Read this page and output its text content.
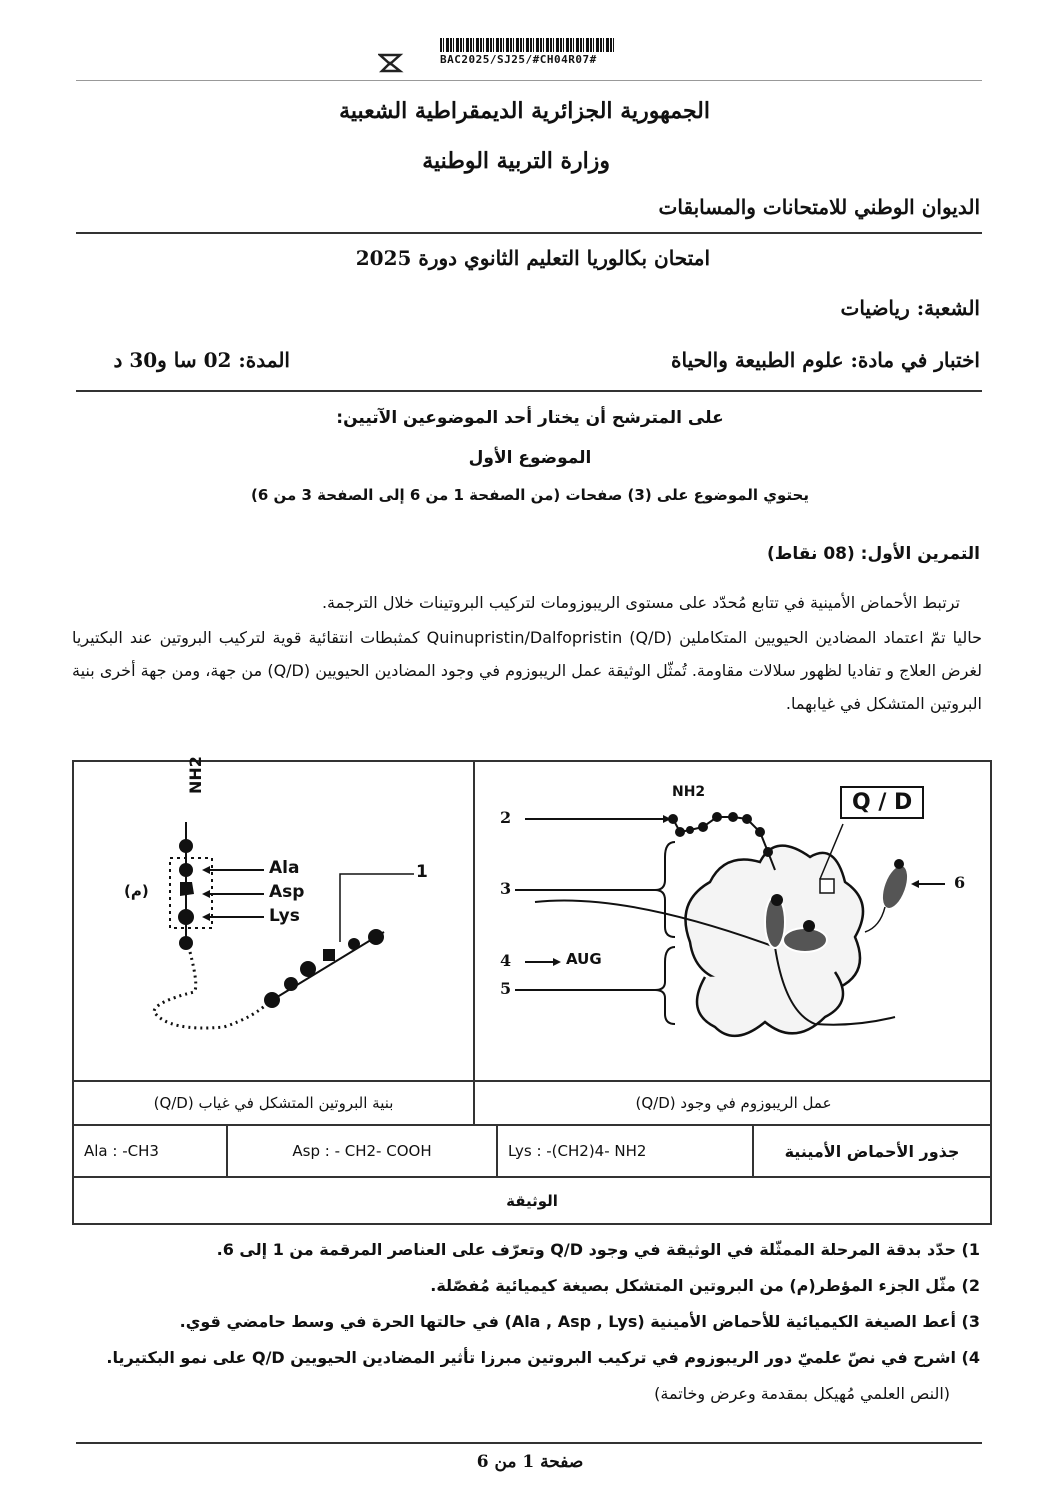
BAC2025/SJ25/#CH04R07#
الجمهورية الجزائرية الديمقراطية الشعبية
وزارة التربية الوطنية
الديوان الوطني للامتحانات والمسابقات
امتحان بكالوريا التعليم الثانوي دورة 2025
الشعبة: رياضيات
اختبار في مادة: علوم الطبيعة والحياة
المدة: 02 سا و30 د
على المترشح أن يختار أحد الموضوعين الآتيين:
الموضوع الأول
يحتوي الموضوع على (3) صفحات (من الصفحة 1 من 6 إلى الصفحة 3 من 6)
التمرين الأول: (08 نقاط)
ترتبط الأحماض الأمينية في تتابع مُحدّد على مستوى الريبوزومات لتركيب البروتينات خلال الترجمة.
حاليا تمّ اعتماد المضادين الحيويين المتكاملين Quinupristin/Dalfopristin (Q/D) كمثبطات انتقائية قوية لتركيب البروتين عند البكتيريا لغرض العلاج و تفاديا لظهور سلالات مقاومة. تُمثّل الوثيقة عمل الريبوزوم في وجود المضادين الحيويين (Q/D) من جهة، ومن جهة أخرى بنية البروتين المتشكل في غيابهما.
NH2
Ala
Asp
Lys
(م)
1
NH2	Q / D
AUG
2
3
4
5
6
بنية البروتين المتشكل في غياب (Q/D)	عمل الريبوزوم في وجود (Q/D)
Ala : -CH3	Asp : - CH2- COOH	Lys : -(CH2)4- NH2	جذور الأحماض الأمينية
الوثيقة
1) حدّد بدقة المرحلة الممثّلة في الوثيقة في وجود Q/D وتعرّف على العناصر المرقمة من 1 إلى 6.
2) مثّل الجزء المؤطر(م) من البروتين المتشكل بصيغة كيميائية مُفصّلة.
3) أعط الصيغة الكيميائية للأحماض الأمينية (Ala , Asp , Lys) في حالتها الحرة في وسط حامضي قوي.
4) اشرح في نصّ علميّ دور الريبوزوم في تركيب البروتين مبرزا تأثير المضادين الحيويين Q/D على نمو البكتيريا.
(النص العلمي مُهيكل بمقدمة وعرض وخاتمة)
صفحة 1 من 6
